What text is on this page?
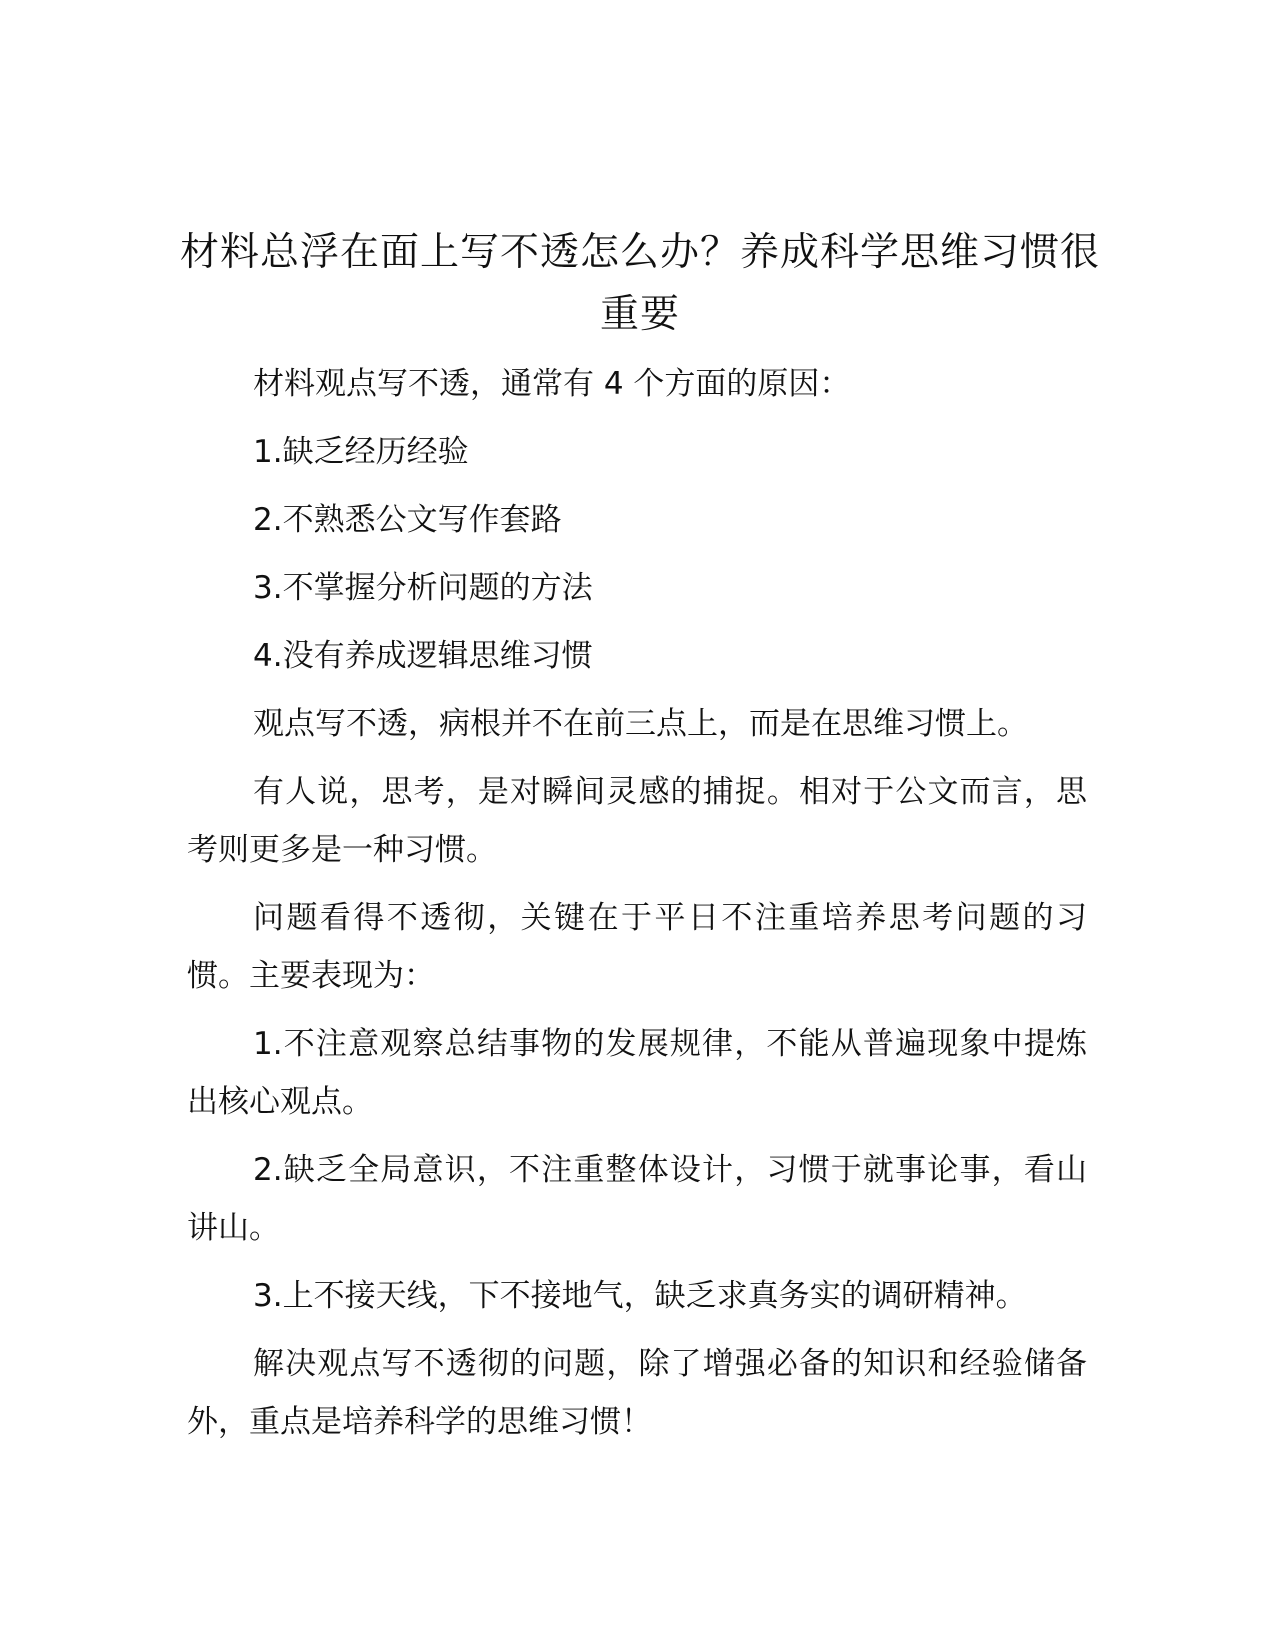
材料总浮在面上写不透怎么办？养成科学思维习惯很重要

材料观点写不透，通常有 4 个方面的原因：

1.缺乏经历经验

2.不熟悉公文写作套路

3.不掌握分析问题的方法

4.没有养成逻辑思维习惯

观点写不透，病根并不在前三点上，而是在思维习惯上。

有人说，思考，是对瞬间灵感的捕捉。相对于公文而言，思考则更多是一种习惯。

问题看得不透彻，关键在于平日不注重培养思考问题的习惯。主要表现为：

1.不注意观察总结事物的发展规律，不能从普遍现象中提炼出核心观点。

2.缺乏全局意识，不注重整体设计，习惯于就事论事，看山讲山。

3.上不接天线，下不接地气，缺乏求真务实的调研精神。

解决观点写不透彻的问题，除了增强必备的知识和经验储备外，重点是培养科学的思维习惯！
